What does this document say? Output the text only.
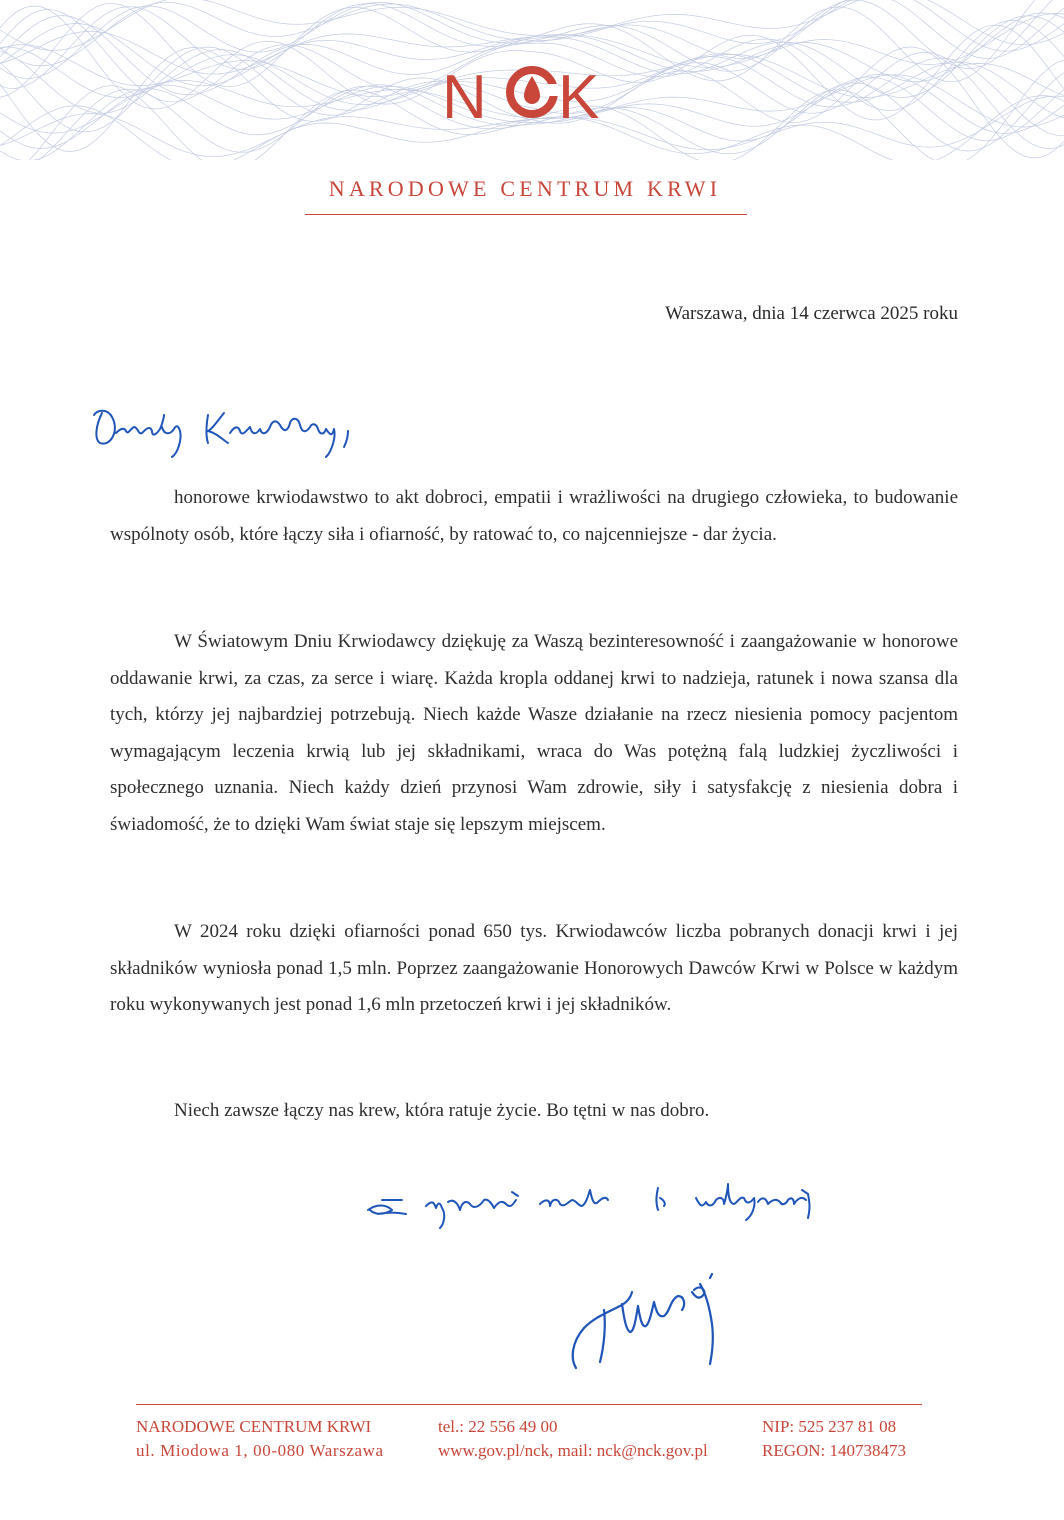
N K
NARODOWE CENTRUM KRWI
Warszawa, dnia 14 czerwca 2025 roku

honorowe krwiodawstwo to akt dobroci, empatii i wrażliwości na drugiego człowieka, to budowanie wspólnoty osób, które łączy siła i ofiarność, by ratować to, co najcenniejsze - dar życia.

W Światowym Dniu Krwiodawcy dziękuję za Waszą bezinteresowność i zaangażowanie w honorowe oddawanie krwi, za czas, za serce i wiarę. Każda kropla oddanej krwi to nadzieja, ratunek i nowa szansa dla tych, którzy jej najbardziej potrzebują. Niech każde Wasze działanie na rzecz niesienia pomocy pacjentom wymagającym leczenia krwią lub jej składnikami, wraca do Was potężną falą ludzkiej życzliwości i społecznego uznania. Niech każdy dzień przynosi Wam zdrowie, siły i satysfakcję z niesienia dobra i świadomość, że to dzięki Wam świat staje się lepszym miejscem.

W 2024 roku dzięki ofiarności ponad 650 tys. Krwiodawców liczba pobranych donacji krwi i jej składników wyniosła ponad 1,5 mln. Poprzez zaangażowanie Honorowych Dawców Krwi w Polsce w każdym roku wykonywanych jest ponad 1,6 mln przetoczeń krwi i jej składników.

Niech zawsze łączy nas krew, która ratuje życie. Bo tętni w nas dobro.

NARODOWE CENTRUM KRWI
ul. Miodowa 1, 00-080 Warszawa
tel.: 22 556 49 00
www.gov.pl/nck, mail: nck@nck.gov.pl
NIP: 525 237 81 08
REGON: 140738473
